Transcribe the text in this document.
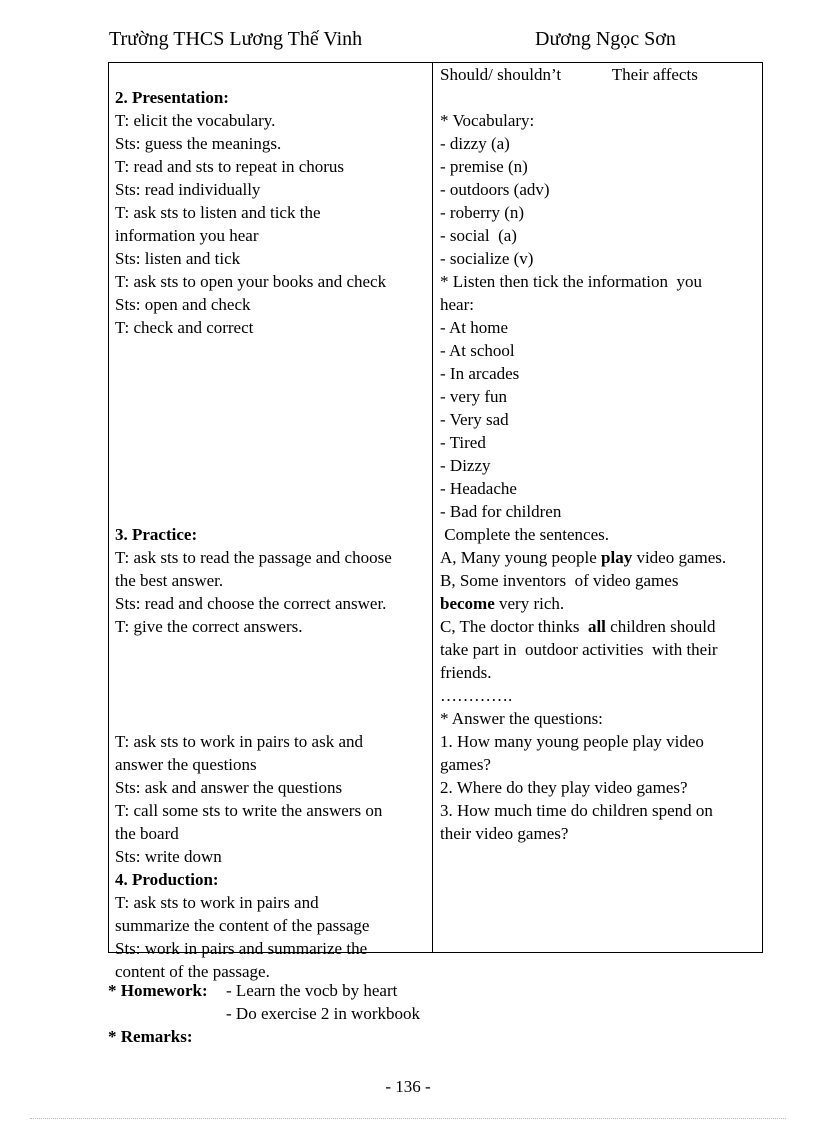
Trường THCS Lương Thế Vinh	Dương Ngọc Sơn
2. Presentation:
T: elicit the vocabulary.
Sts: guess the meanings.
T: read and sts to repeat in chorus
Sts: read individually
T: ask sts to listen and tick the
information you hear
Sts: listen and tick
T: ask sts to open your books and check
Sts: open and check
T: check and correct
3. Practice:
T: ask sts to read the passage and choose
the best answer.
Sts: read and choose the correct answer.
T: give the correct answers.
T: ask sts to work in pairs to ask and
answer the questions
Sts: ask and answer the questions
T: call some sts to write the answers on
the board
Sts: write down
4. Production:
T: ask sts to work in pairs and
summarize the content of the passage
Sts: work in pairs and summarize the
content of the passage.
Should/ shouldn’t            Their affects
* Vocabulary:
- dizzy (a)
- premise (n)
- outdoors (adv)
- roberry (n)
- social  (a)
- socialize (v)
* Listen then tick the information  you
hear:
- At home
- At school
- In arcades
- very fun
- Very sad
- Tired
- Dizzy
- Headache
- Bad for children
Complete the sentences.
A, Many young people play video games.
B, Some inventors  of video games
become very rich.
C, The doctor thinks  all children should
take part in  outdoor activities  with their
friends.
………….
* Answer the questions:
1. How many young people play video
games?
2. Where do they play video games?
3. How much time do children spend on
their video games?
* Homework: - Learn the vocb by heart
- Do exercise 2 in workbook
* Remarks:
- 136 -
